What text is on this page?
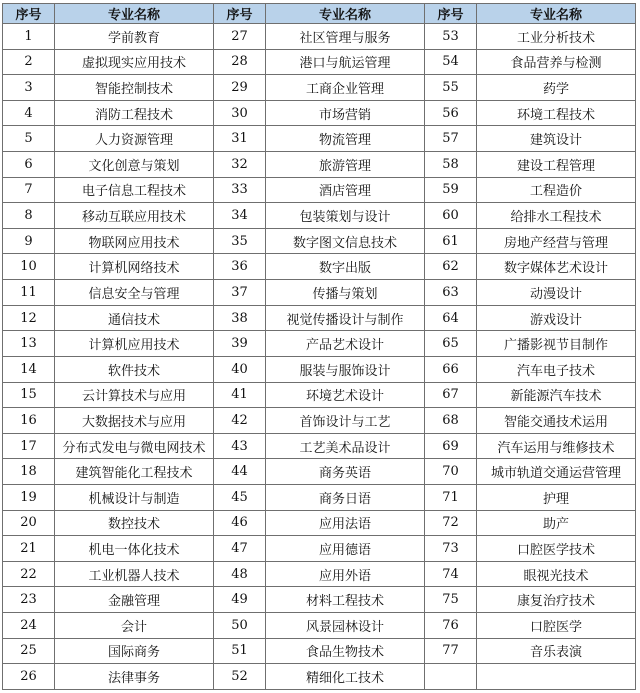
序号	专业名称	序号	专业名称	序号	专业名称
1	学前教育	27	社区管理与服务	53	工业分析技术
2	虚拟现实应用技术	28	港口与航运管理	54	食品营养与检测
3	智能控制技术	29	工商企业管理	55	药学
4	消防工程技术	30	市场营销	56	环境工程技术
5	人力资源管理	31	物流管理	57	建筑设计
6	文化创意与策划	32	旅游管理	58	建设工程管理
7	电子信息工程技术	33	酒店管理	59	工程造价
8	移动互联应用技术	34	包装策划与设计	60	给排水工程技术
9	物联网应用技术	35	数字图文信息技术	61	房地产经营与管理
10	计算机网络技术	36	数字出版	62	数字媒体艺术设计
11	信息安全与管理	37	传播与策划	63	动漫设计
12	通信技术	38	视觉传播设计与制作	64	游戏设计
13	计算机应用技术	39	产品艺术设计	65	广播影视节目制作
14	软件技术	40	服装与服饰设计	66	汽车电子技术
15	云计算技术与应用	41	环境艺术设计	67	新能源汽车技术
16	大数据技术与应用	42	首饰设计与工艺	68	智能交通技术运用
17	分布式发电与微电网技术	43	工艺美术品设计	69	汽车运用与维修技术
18	建筑智能化工程技术	44	商务英语	70	城市轨道交通运营管理
19	机械设计与制造	45	商务日语	71	护理
20	数控技术	46	应用法语	72	助产
21	机电一体化技术	47	应用德语	73	口腔医学技术
22	工业机器人技术	48	应用外语	74	眼视光技术
23	金融管理	49	材料工程技术	75	康复治疗技术
24	会计	50	风景园林设计	76	口腔医学
25	国际商务	51	食品生物技术	77	音乐表演
26	法律事务	52	精细化工技术		
